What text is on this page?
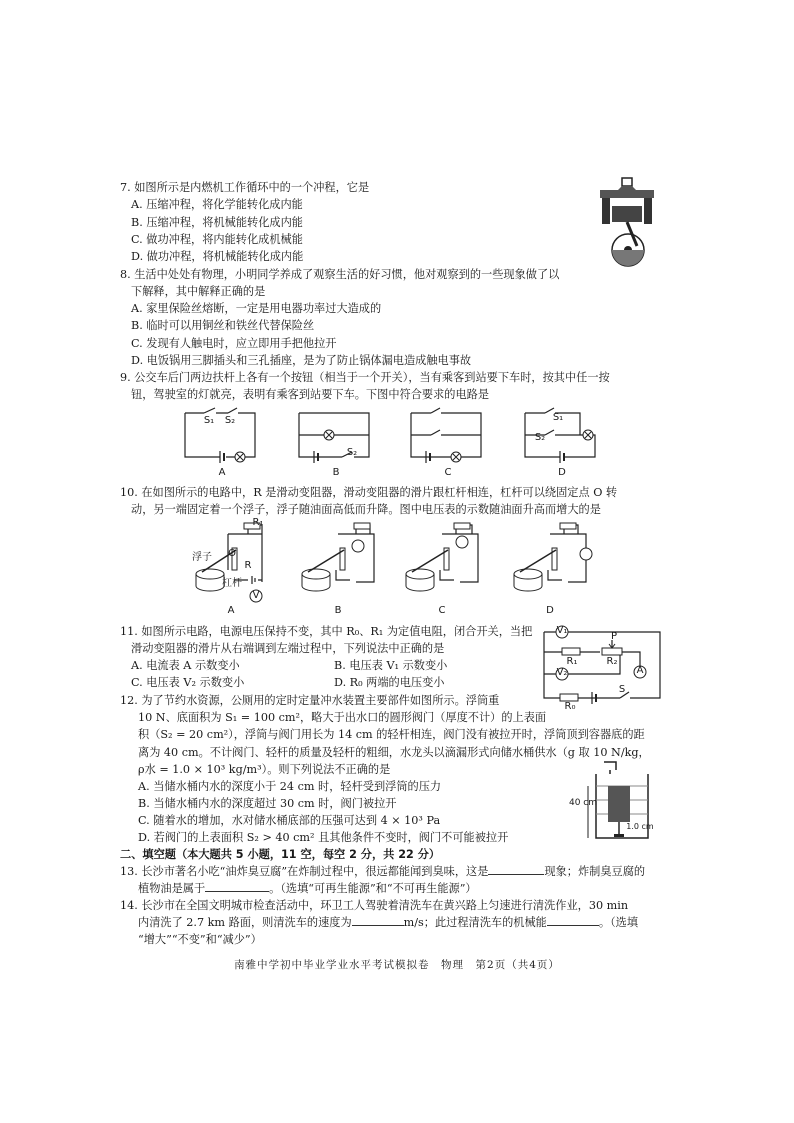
7. 如图所示是内燃机工作循环中的一个冲程，它是
A. 压缩冲程，将化学能转化成内能
B. 压缩冲程，将机械能转化成内能
C. 做功冲程，将内能转化成机械能
D. 做功冲程，将机械能转化成内能
8. 生活中处处有物理，小明同学养成了观察生活的好习惯，他对观察到的一些现象做了以
下解释，其中解释正确的是
A. 家里保险丝熔断，一定是用电器功率过大造成的
B. 临时可以用铜丝和铁丝代替保险丝
C. 发现有人触电时，应立即用手把他拉开
D. 电饭锅用三脚插头和三孔插座，是为了防止锅体漏电造成触电事故
9. 公交车后门两边扶杆上各有一个按钮（相当于一个开关），当有乘客到站要下车时，按其中任一按
钮，驾驶室的灯就亮，表明有乘客到站要下车。下图中符合要求的电路是
S₁	S₂
S₂
S₁
S₂
A	B	C	D
10. 在如图所示的电路中，R 是滑动变阻器，滑动变阻器的滑片跟杠杆相连，杠杆可以绕固定点 O 转
动，另一端固定着一个浮子，浮子随油面高低而升降。图中电压表的示数随油面升高而增大的是
浮子
杠杆
R
R₁
O
V
A	B	C	D
11. 如图所示电路，电源电压保持不变，其中 R₀、R₁ 为定值电阻，闭合开关，当把
滑动变阻器的滑片从右端调到左端过程中，下列说法中正确的是
A. 电流表 A 示数变小	B. 电压表 V₁ 示数变小
C. 电压表 V₂ 示数变小	D. R₀ 两端的电压变小
V₁
V₂
R₁	R₂
R₀
A
P
S
12. 为了节约水资源，公厕用的定时定量冲水装置主要部件如图所示。浮筒重
10 N、底面积为 S₁ = 100 cm²，略大于出水口的圆形阀门（厚度不计）的上表面
积（S₂ = 20 cm²），浮筒与阀门用长为 14 cm 的轻杆相连，阀门没有被拉开时，浮筒顶到容器底的距
离为 40 cm。不计阀门、轻杆的质量及轻杆的粗细，水龙头以滴漏形式向储水桶供水（g 取 10 N/kg，
ρ水 = 1.0 × 10³ kg/m³）。则下列说法不正确的是
A. 当储水桶内水的深度小于 24 cm 时，轻杆受到浮筒的压力
B. 当储水桶内水的深度超过 30 cm 时，阀门被拉开
C. 随着水的增加，水对储水桶底部的压强可达到 4 × 10³ Pa
D. 若阀门的上表面积 S₂ > 40 cm² 且其他条件不变时，阀门不可能被拉开
40 cm
1.0 cm
二、填空题（本大题共 5 小题，11 空，每空 2 分，共 22 分）
13. 长沙市著名小吃“油炸臭豆腐”在炸制过程中，很远都能闻到臭味，这是	现象；炸制臭豆腐的
植物油是属于	。（选填“可再生能源”和“不可再生能源”）
14. 长沙市在全国文明城市检查活动中，环卫工人驾驶着清洗车在黄兴路上匀速进行清洗作业，30 min
内清洗了 2.7 km 路面，则清洗车的速度为	m/s；此过程清洗车的机械能	。（选填
“增大”“不变”和“减少”）
南雅中学初中毕业学业水平考试模拟卷　物理　第2页（共4页）
